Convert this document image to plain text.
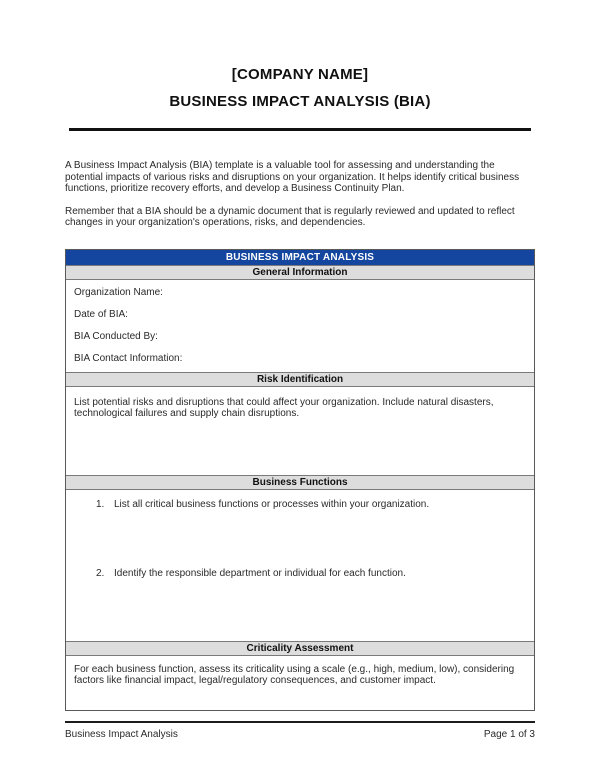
[COMPANY NAME]
BUSINESS IMPACT ANALYSIS (BIA)

A Business Impact Analysis (BIA) template is a valuable tool for assessing and understanding the potential impacts of various risks and disruptions on your organization. It helps identify critical business functions, prioritize recovery efforts, and develop a Business Continuity Plan.

Remember that a BIA should be a dynamic document that is regularly reviewed and updated to reflect changes in your organization's operations, risks, and dependencies.

BUSINESS IMPACT ANALYSIS
General Information
Organization Name:
Date of BIA:
BIA Conducted By:
BIA Contact Information:
Risk Identification

List potential risks and disruptions that could affect your organization. Include natural disasters, technological failures and supply chain disruptions.

Business Functions
1. List all critical business functions or processes within your organization.
2. Identify the responsible department or individual for each function.
Criticality Assessment

For each business function, assess its criticality using a scale (e.g., high, medium, low), considering factors like financial impact, legal/regulatory consequences, and customer impact.

Business Impact Analysis	Page 1 of 3
